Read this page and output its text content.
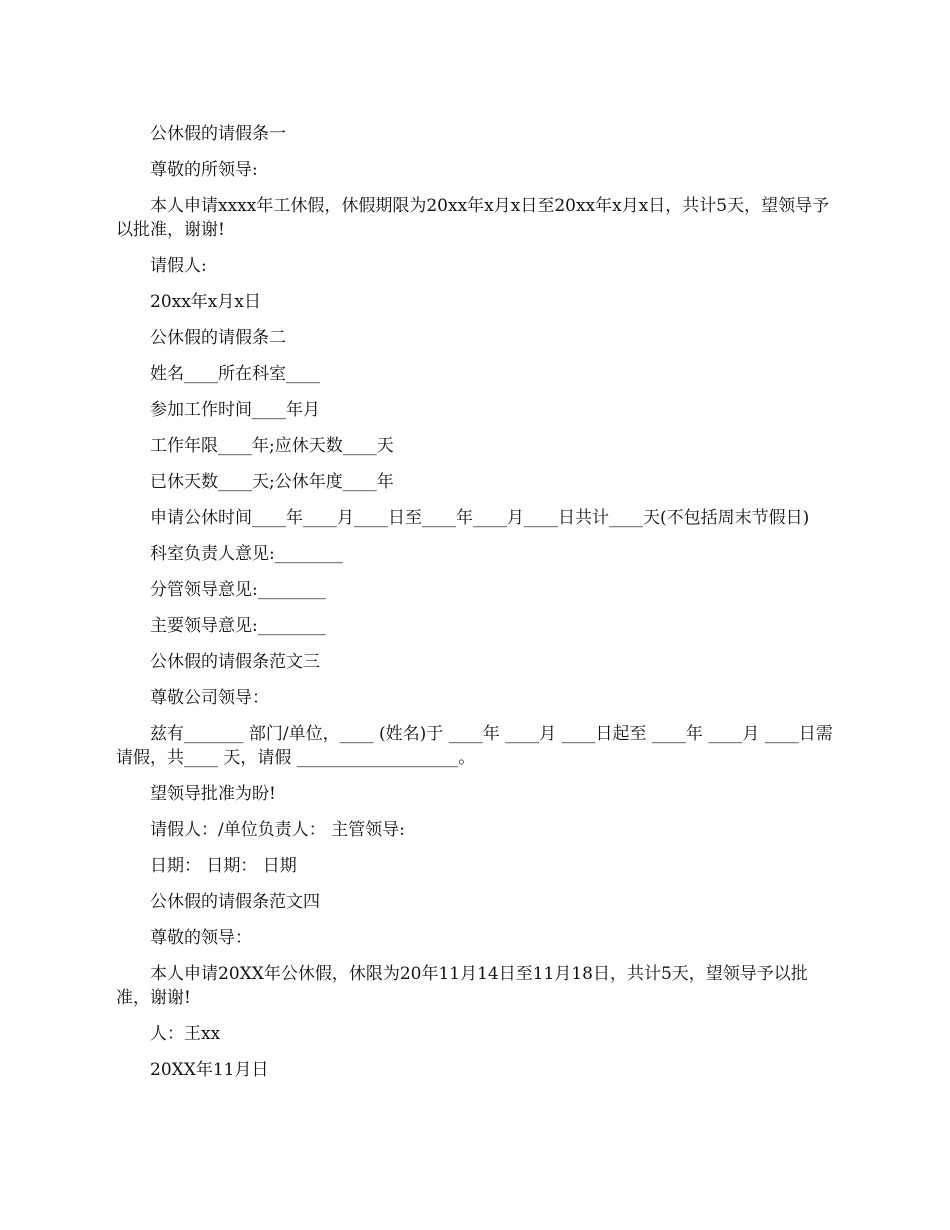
公休假的请假条一

尊敬的所领导:

本人申请xxxx年工休假，休假期限为20xx年x月x日至20xx年x月x日，共计5天，望领导予以批准，谢谢!

请假人:

20xx年x月x日

公休假的请假条二

姓名____所在科室____

参加工作时间____年月

工作年限____年;应休天数____天

已休天数____天;公休年度____年

申请公休时间____年____月____日至____年____月____日共计____天(不包括周末节假日)

科室负责人意见:________

分管领导意见:________

主要领导意见:________

公休假的请假条范文三

尊敬公司领导：

兹有_______ 部门/单位，____ (姓名)于 ____年 ____月 ____日起至 ____年 ____月 ____日需请假，共____ 天，请假 ___________________。

望领导批准为盼!

请假人：/单位负责人： 主管领导:

日期： 日期： 日期

公休假的请假条范文四

尊敬的领导：

本人申请20XX年公休假，休限为20年11月14日至11月18日，共计5天，望领导予以批准，谢谢!

人：王xx

20XX年11月日
